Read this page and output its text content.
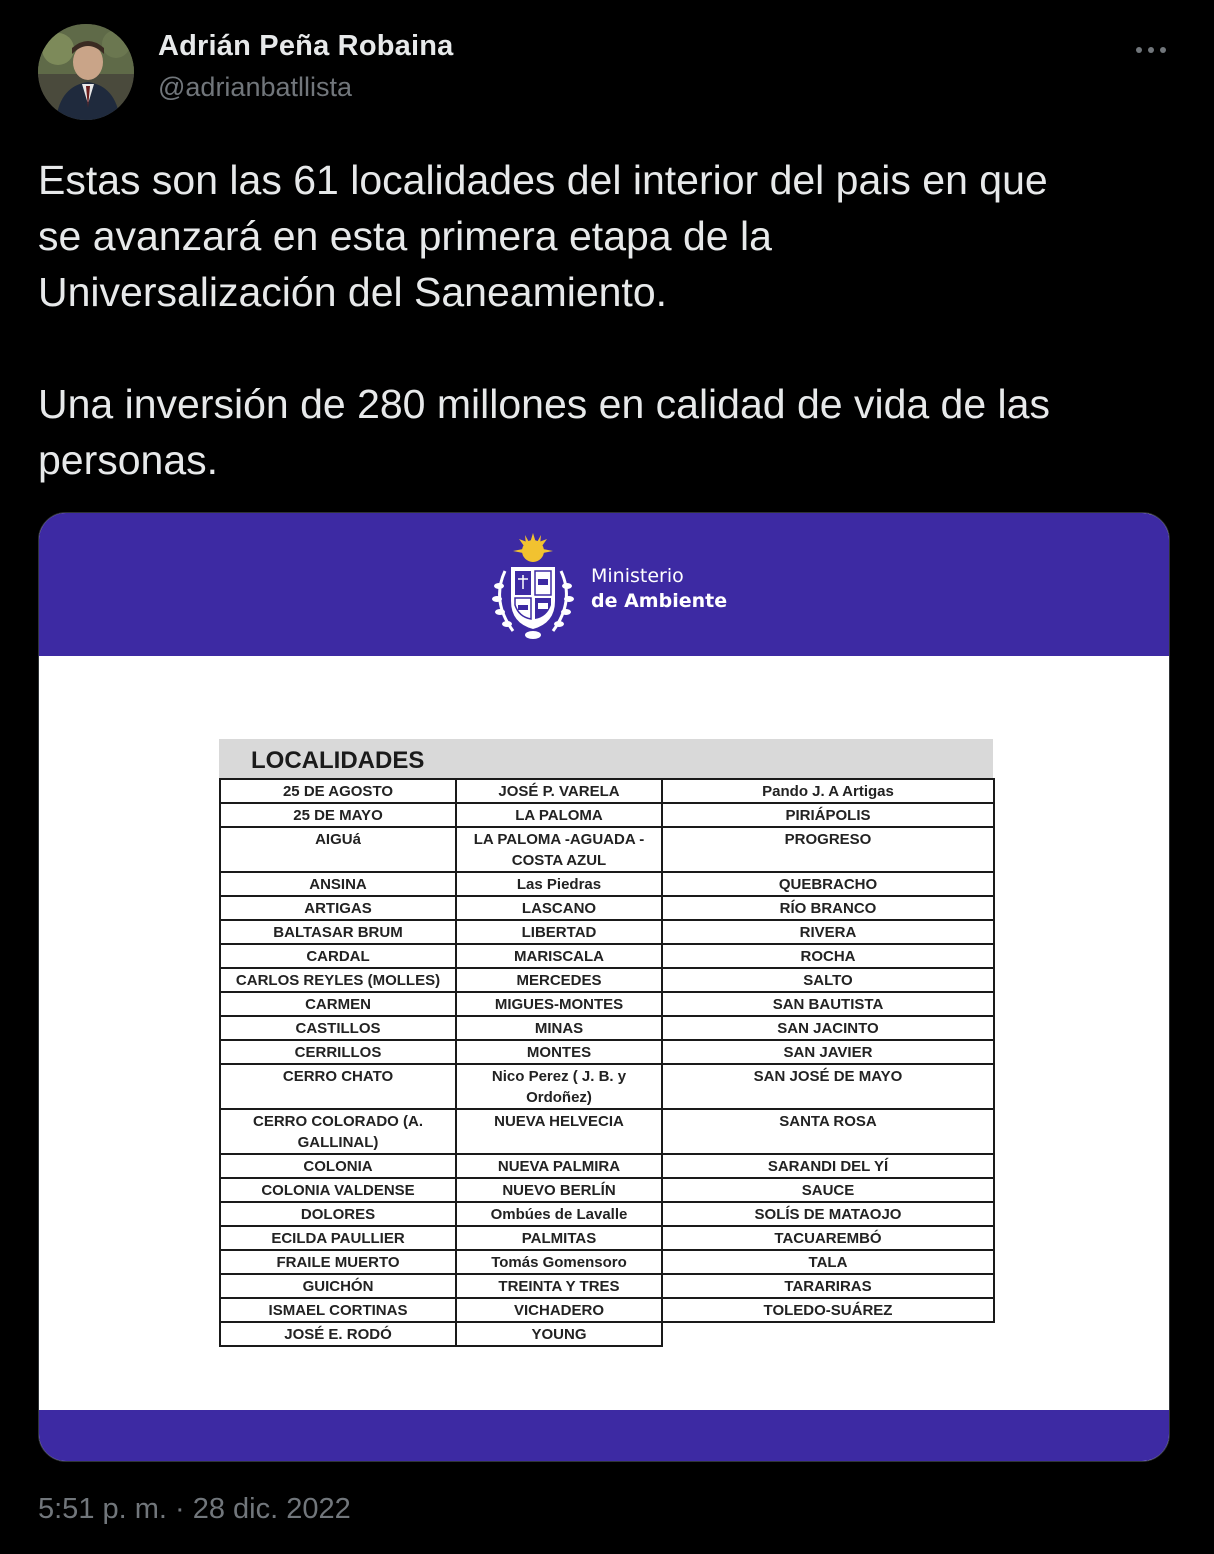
Adrián Peña Robaina
@adrianbatllista
Estas son las 61 localidades del interior del pais en que
se avanzará en esta primera etapa de la
Universalización del Saneamiento.

Una inversión de 280 millones en calidad de vida de las
personas.
Ministerio
de Ambiente
LOCALIDADES
25 DE AGOSTO	JOSÉ P. VARELA	Pando J. A Artigas
25 DE MAYO	LA PALOMA	PIRIÁPOLIS
AIGUá	LA PALOMA -AGUADA - COSTA AZUL	PROGRESO
ANSINA	Las Piedras	QUEBRACHO
ARTIGAS	LASCANO	RÍO BRANCO
BALTASAR BRUM	LIBERTAD	RIVERA
CARDAL	MARISCALA	ROCHA
CARLOS REYLES (MOLLES)	MERCEDES	SALTO
CARMEN	MIGUES-MONTES	SAN BAUTISTA
CASTILLOS	MINAS	SAN JACINTO
CERRILLOS	MONTES	SAN JAVIER
CERRO CHATO	Nico Perez ( J. B. y Ordoñez)	SAN JOSÉ DE MAYO
CERRO COLORADO (A. GALLINAL)	NUEVA HELVECIA	SANTA ROSA
COLONIA	NUEVA PALMIRA	SARANDI DEL YÍ
COLONIA VALDENSE	NUEVO BERLÍN	SAUCE
DOLORES	Ombúes de Lavalle	SOLÍS DE MATAOJO
ECILDA PAULLIER	PALMITAS	TACUAREMBÓ
FRAILE MUERTO	Tomás Gomensoro	TALA
GUICHÓN	TREINTA Y TRES	TARARIRAS
ISMAEL CORTINAS	VICHADERO	TOLEDO-SUÁREZ
JOSÉ E. RODÓ	YOUNG	
5:51 p. m. · 28 dic. 2022
